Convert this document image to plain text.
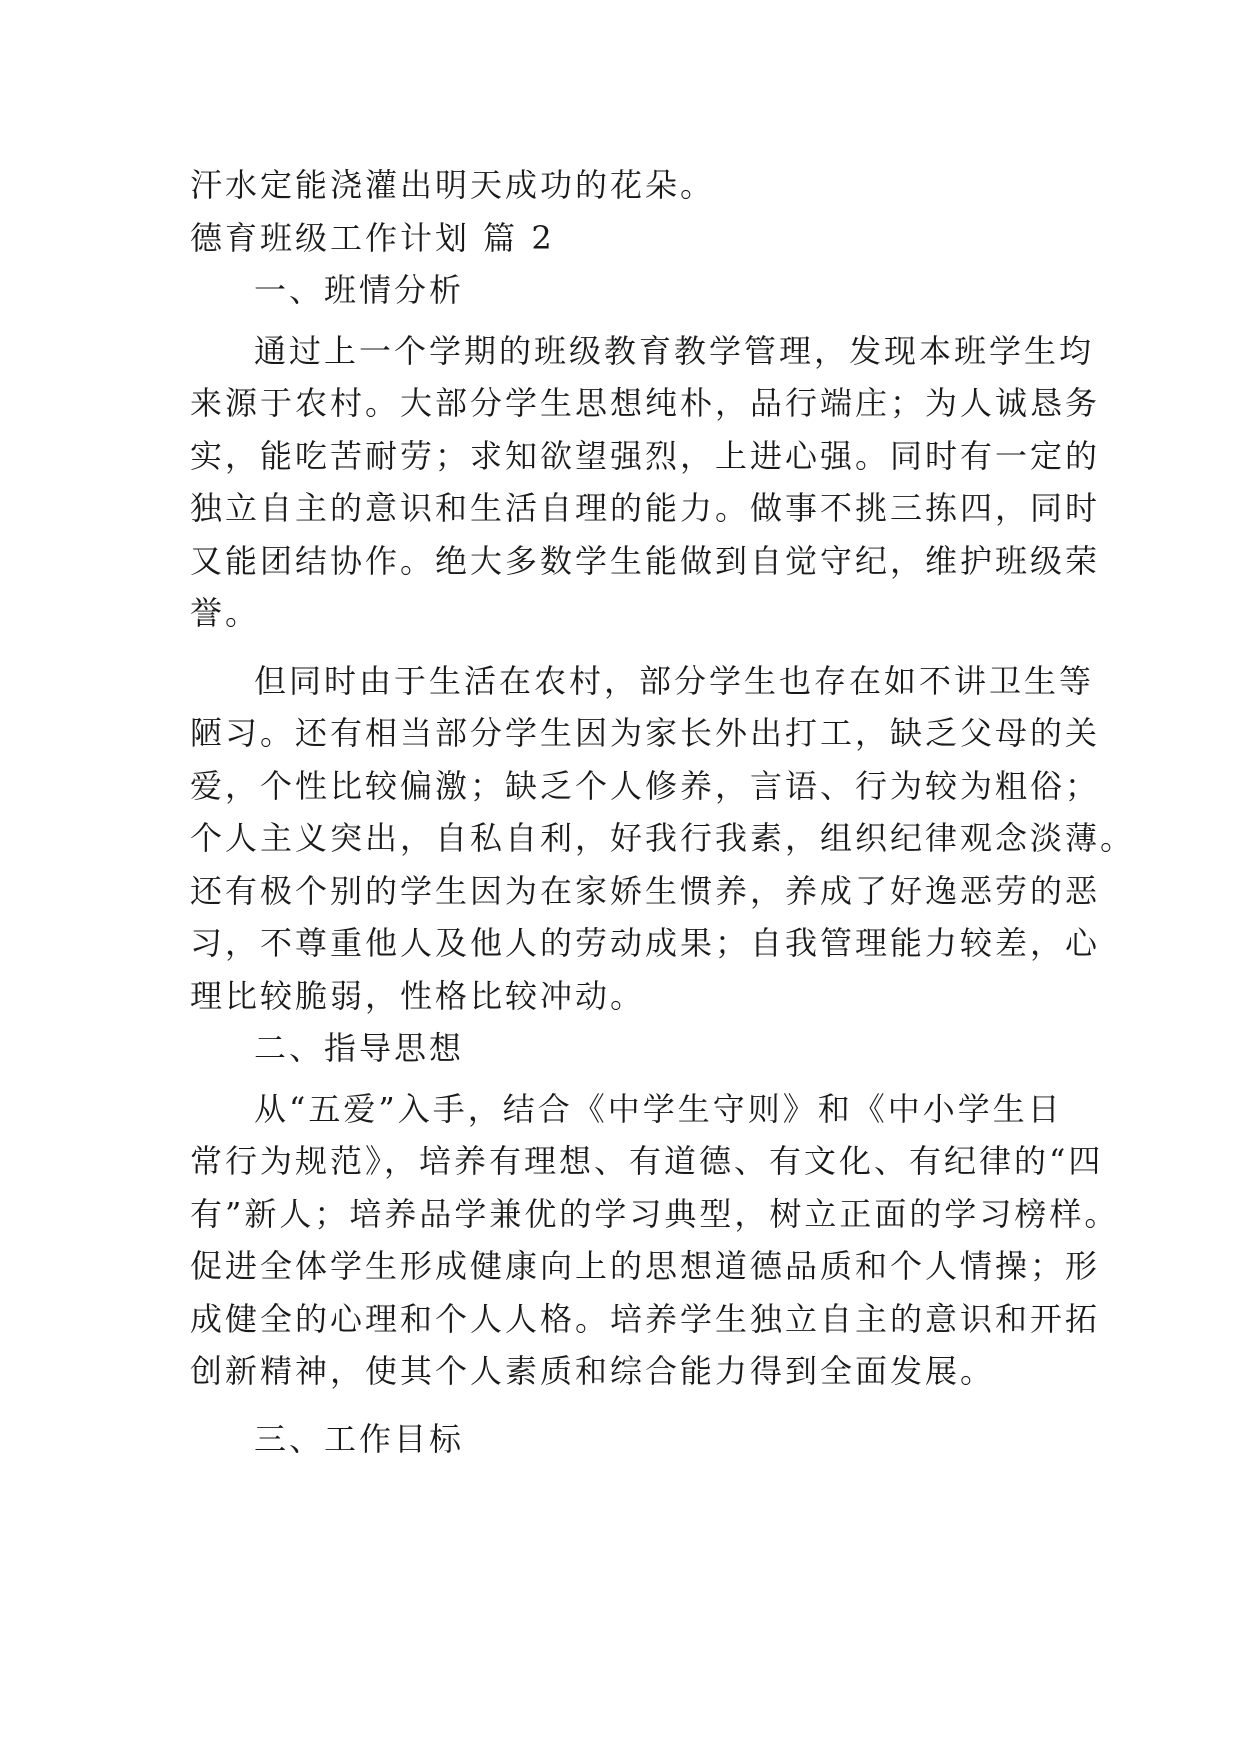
汗水定能浇灌出明天成功的花朵。
德育班级工作计划 篇 2
一、班情分析
通过上一个学期的班级教育教学管理，发现本班学生均
来源于农村。大部分学生思想纯朴，品行端庄；为人诚恳务
实，能吃苦耐劳；求知欲望强烈，上进心强。同时有一定的
独立自主的意识和生活自理的能力。做事不挑三拣四，同时
又能团结协作。绝大多数学生能做到自觉守纪，维护班级荣
誉。
但同时由于生活在农村，部分学生也存在如不讲卫生等
陋习。还有相当部分学生因为家长外出打工，缺乏父母的关
爱，个性比较偏激；缺乏个人修养，言语、行为较为粗俗；
个人主义突出，自私自利，好我行我素，组织纪律观念淡薄。
还有极个别的学生因为在家娇生惯养，养成了好逸恶劳的恶
习，不尊重他人及他人的劳动成果；自我管理能力较差，心
理比较脆弱，性格比较冲动。
二、指导思想
从“五爱”入手，结合《中学生守则》和《中小学生日
常行为规范》，培养有理想、有道德、有文化、有纪律的“四
有”新人；培养品学兼优的学习典型，树立正面的学习榜样。
促进全体学生形成健康向上的思想道德品质和个人情操；形
成健全的心理和个人人格。培养学生独立自主的意识和开拓
创新精神，使其个人素质和综合能力得到全面发展。
三、工作目标
